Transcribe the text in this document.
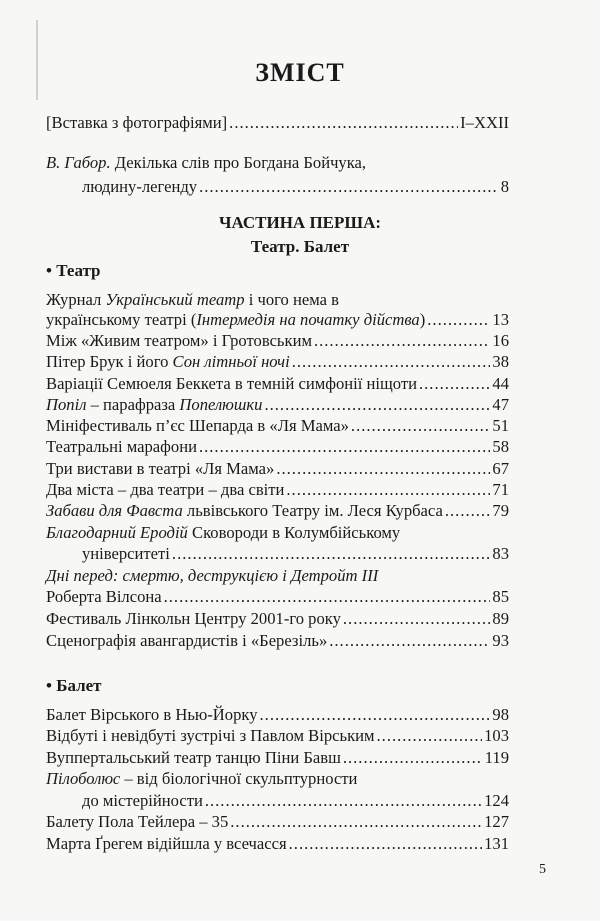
ЗМІСТ
[Вставка з фотографіями] .....	I–XXII
В. Габор. Декілька слів про Богдана Бойчука,
людину-легенду .....	8
ЧАСТИНА ПЕРША:
Театр. Балет
• Театр
Журнал Український театр і чого нема в
українському театрі (Інтермедія на початку дійства) .....	13
Між «Живим театром» і Гротовським .....	16
Пітер Брук і його Сон літньої ночі .....	38
Варіації Семюеля Беккета в темній симфонії ніщоти .....	44
Попіл – парафраза Попелюшки .....	47
Мініфестиваль п’єс Шепарда в «Ля Мама» .....	51
Театральні марафони .....	58
Три вистави в театрі «Ля Мама» .....	67
Два міста – два театри – два світи .....	71
Забави для Фавста львівського Театру ім. Леся Курбаса .....	79
Благодарний Еродій Сковороди в Колумбійському
університеті .....	83
Дні перед: смертю, деструкцією і Детройт III
Роберта Вілсона .....	85
Фестиваль Лінкольн Центру 2001-го року .....	89
Сценографія авангардистів і «Березіль» .....	93
• Балет
Балет Вірського в Нью-Йорку .....	98
Відбуті і невідбуті зустрічі з Павлом Вірським .....	103
Вуппертальський театр танцю Піни Бавш .....	119
Пілоболюс – від біологічної скульптурности
до містерійности .....	124
Балету Пола Тейлера – 35 .....	127
Марта Ґрегем відійшла у всечасся .....	131
5
